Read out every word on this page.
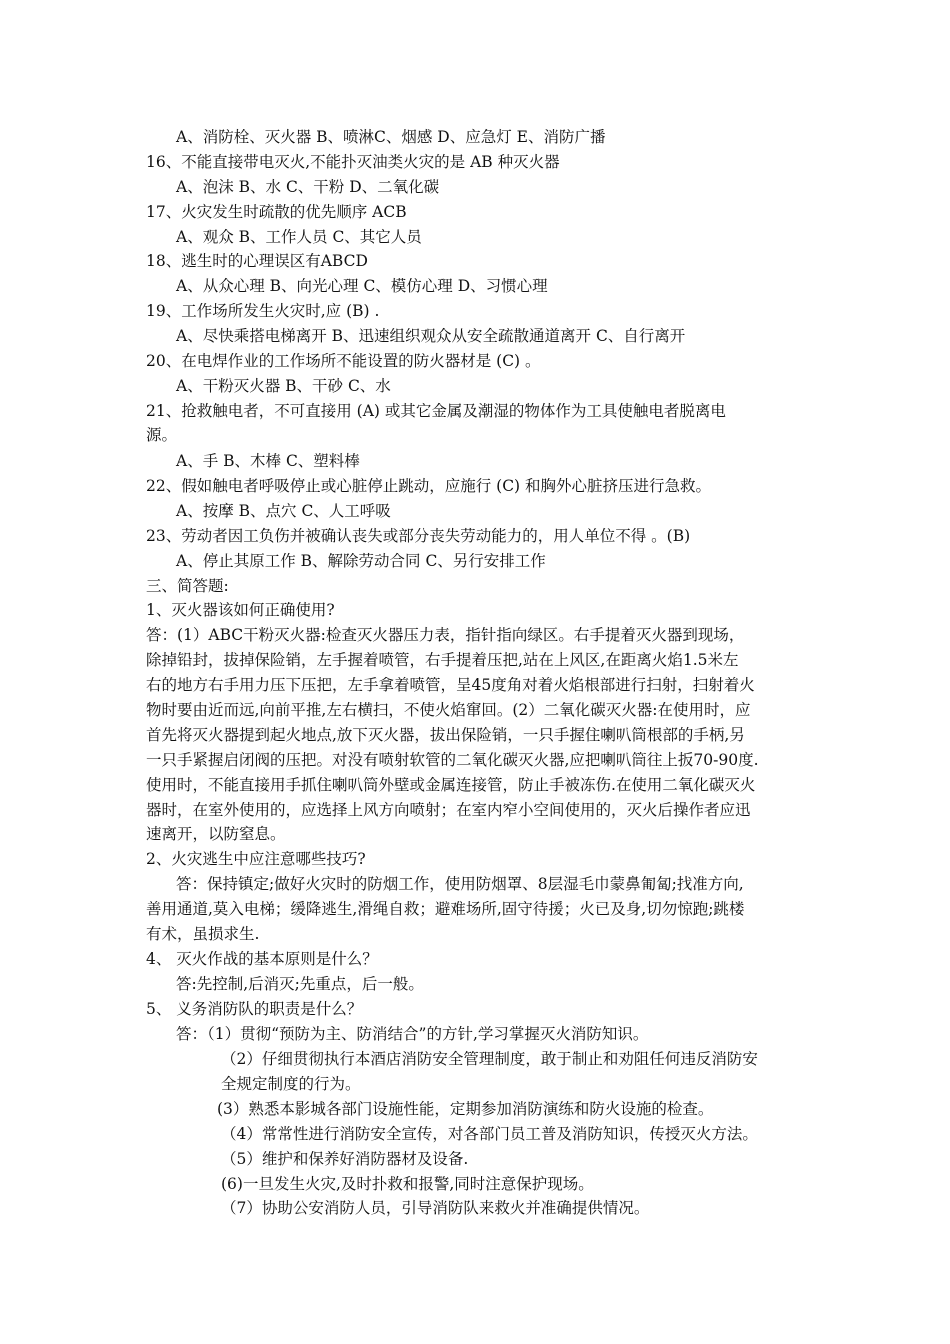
A、消防栓、灭火器 B、喷淋C、烟感 D、应急灯 E、消防广播
16、不能直接带电灭火,不能扑灭油类火灾的是 AB 种灭火器
A、泡沫 B、水 C、干粉 D、二氧化碳
17、火灾发生时疏散的优先顺序 ACB
A、观众 B、工作人员 C、其它人员
18、逃生时的心理误区有ABCD
A、从众心理 B、向光心理 C、模仿心理 D、习惯心理
19、工作场所发生火灾时,应 (B) .
A、尽快乘搭电梯离开 B、迅速组织观众从安全疏散通道离开 C、自行离开
20、在电焊作业的工作场所不能设置的防火器材是 (C) 。
A、干粉灭火器 B、干砂 C、水
21、抢救触电者，不可直接用 (A) 或其它金属及潮湿的物体作为工具使触电者脱离电
源。
A、手 B、木棒 C、塑料棒
22、假如触电者呼吸停止或心脏停止跳动，应施行 (C) 和胸外心脏挤压进行急救。
A、按摩 B、点穴 C、人工呼吸
23、劳动者因工负伤并被确认丧失或部分丧失劳动能力的，用人单位不得 。(B)
A、停止其原工作 B、解除劳动合同 C、另行安排工作
三、简答题:
1、灭火器该如何正确使用?
答：(1）ABC干粉灭火器:检查灭火器压力表，指针指向绿区。右手提着灭火器到现场，
除掉铅封，拔掉保险销，左手握着喷管，右手提着压把,站在上风区,在距离火焰1.5米左
右的地方右手用力压下压把，左手拿着喷管，呈45度角对着火焰根部进行扫射，扫射着火
物时要由近而远,向前平推,左右横扫，不使火焰窜回。(2）二氧化碳灭火器:在使用时，应
首先将灭火器提到起火地点,放下灭火器，拔出保险销，一只手握住喇叭筒根部的手柄,另
一只手紧握启闭阀的压把。对没有喷射软管的二氧化碳灭火器,应把喇叭筒往上扳70-90度.
使用时，不能直接用手抓住喇叭筒外壁或金属连接管，防止手被冻伤.在使用二氧化碳灭火
器时，在室外使用的，应选择上风方向喷射；在室内窄小空间使用的，灭火后操作者应迅
速离开，以防窒息。
2、火灾逃生中应注意哪些技巧?
答：保持镇定;做好火灾时的防烟工作，使用防烟罩、8层湿毛巾蒙鼻匍匐;找准方向,
善用通道,莫入电梯；缓降逃生,滑绳自救；避难场所,固守待援；火已及身,切勿惊跑;跳楼
有术，虽损求生.
4、 灭火作战的基本原则是什么？
答:先控制,后消灭;先重点，后一般。
5、 义务消防队的职责是什么？
答：（1）贯彻“预防为主、防消结合”的方针,学习掌握灭火消防知识。
（2）仔细贯彻执行本酒店消防安全管理制度，敢于制止和劝阻任何违反消防安
全规定制度的行为。
(3）熟悉本影城各部门设施性能，定期参加消防演练和防火设施的检查。
（4）常常性进行消防安全宣传，对各部门员工普及消防知识，传授灭火方法。
（5）维护和保养好消防器材及设备.
(6)一旦发生火灾,及时扑救和报警,同时注意保护现场。
（7）协助公安消防人员，引导消防队来救火并准确提供情况。
